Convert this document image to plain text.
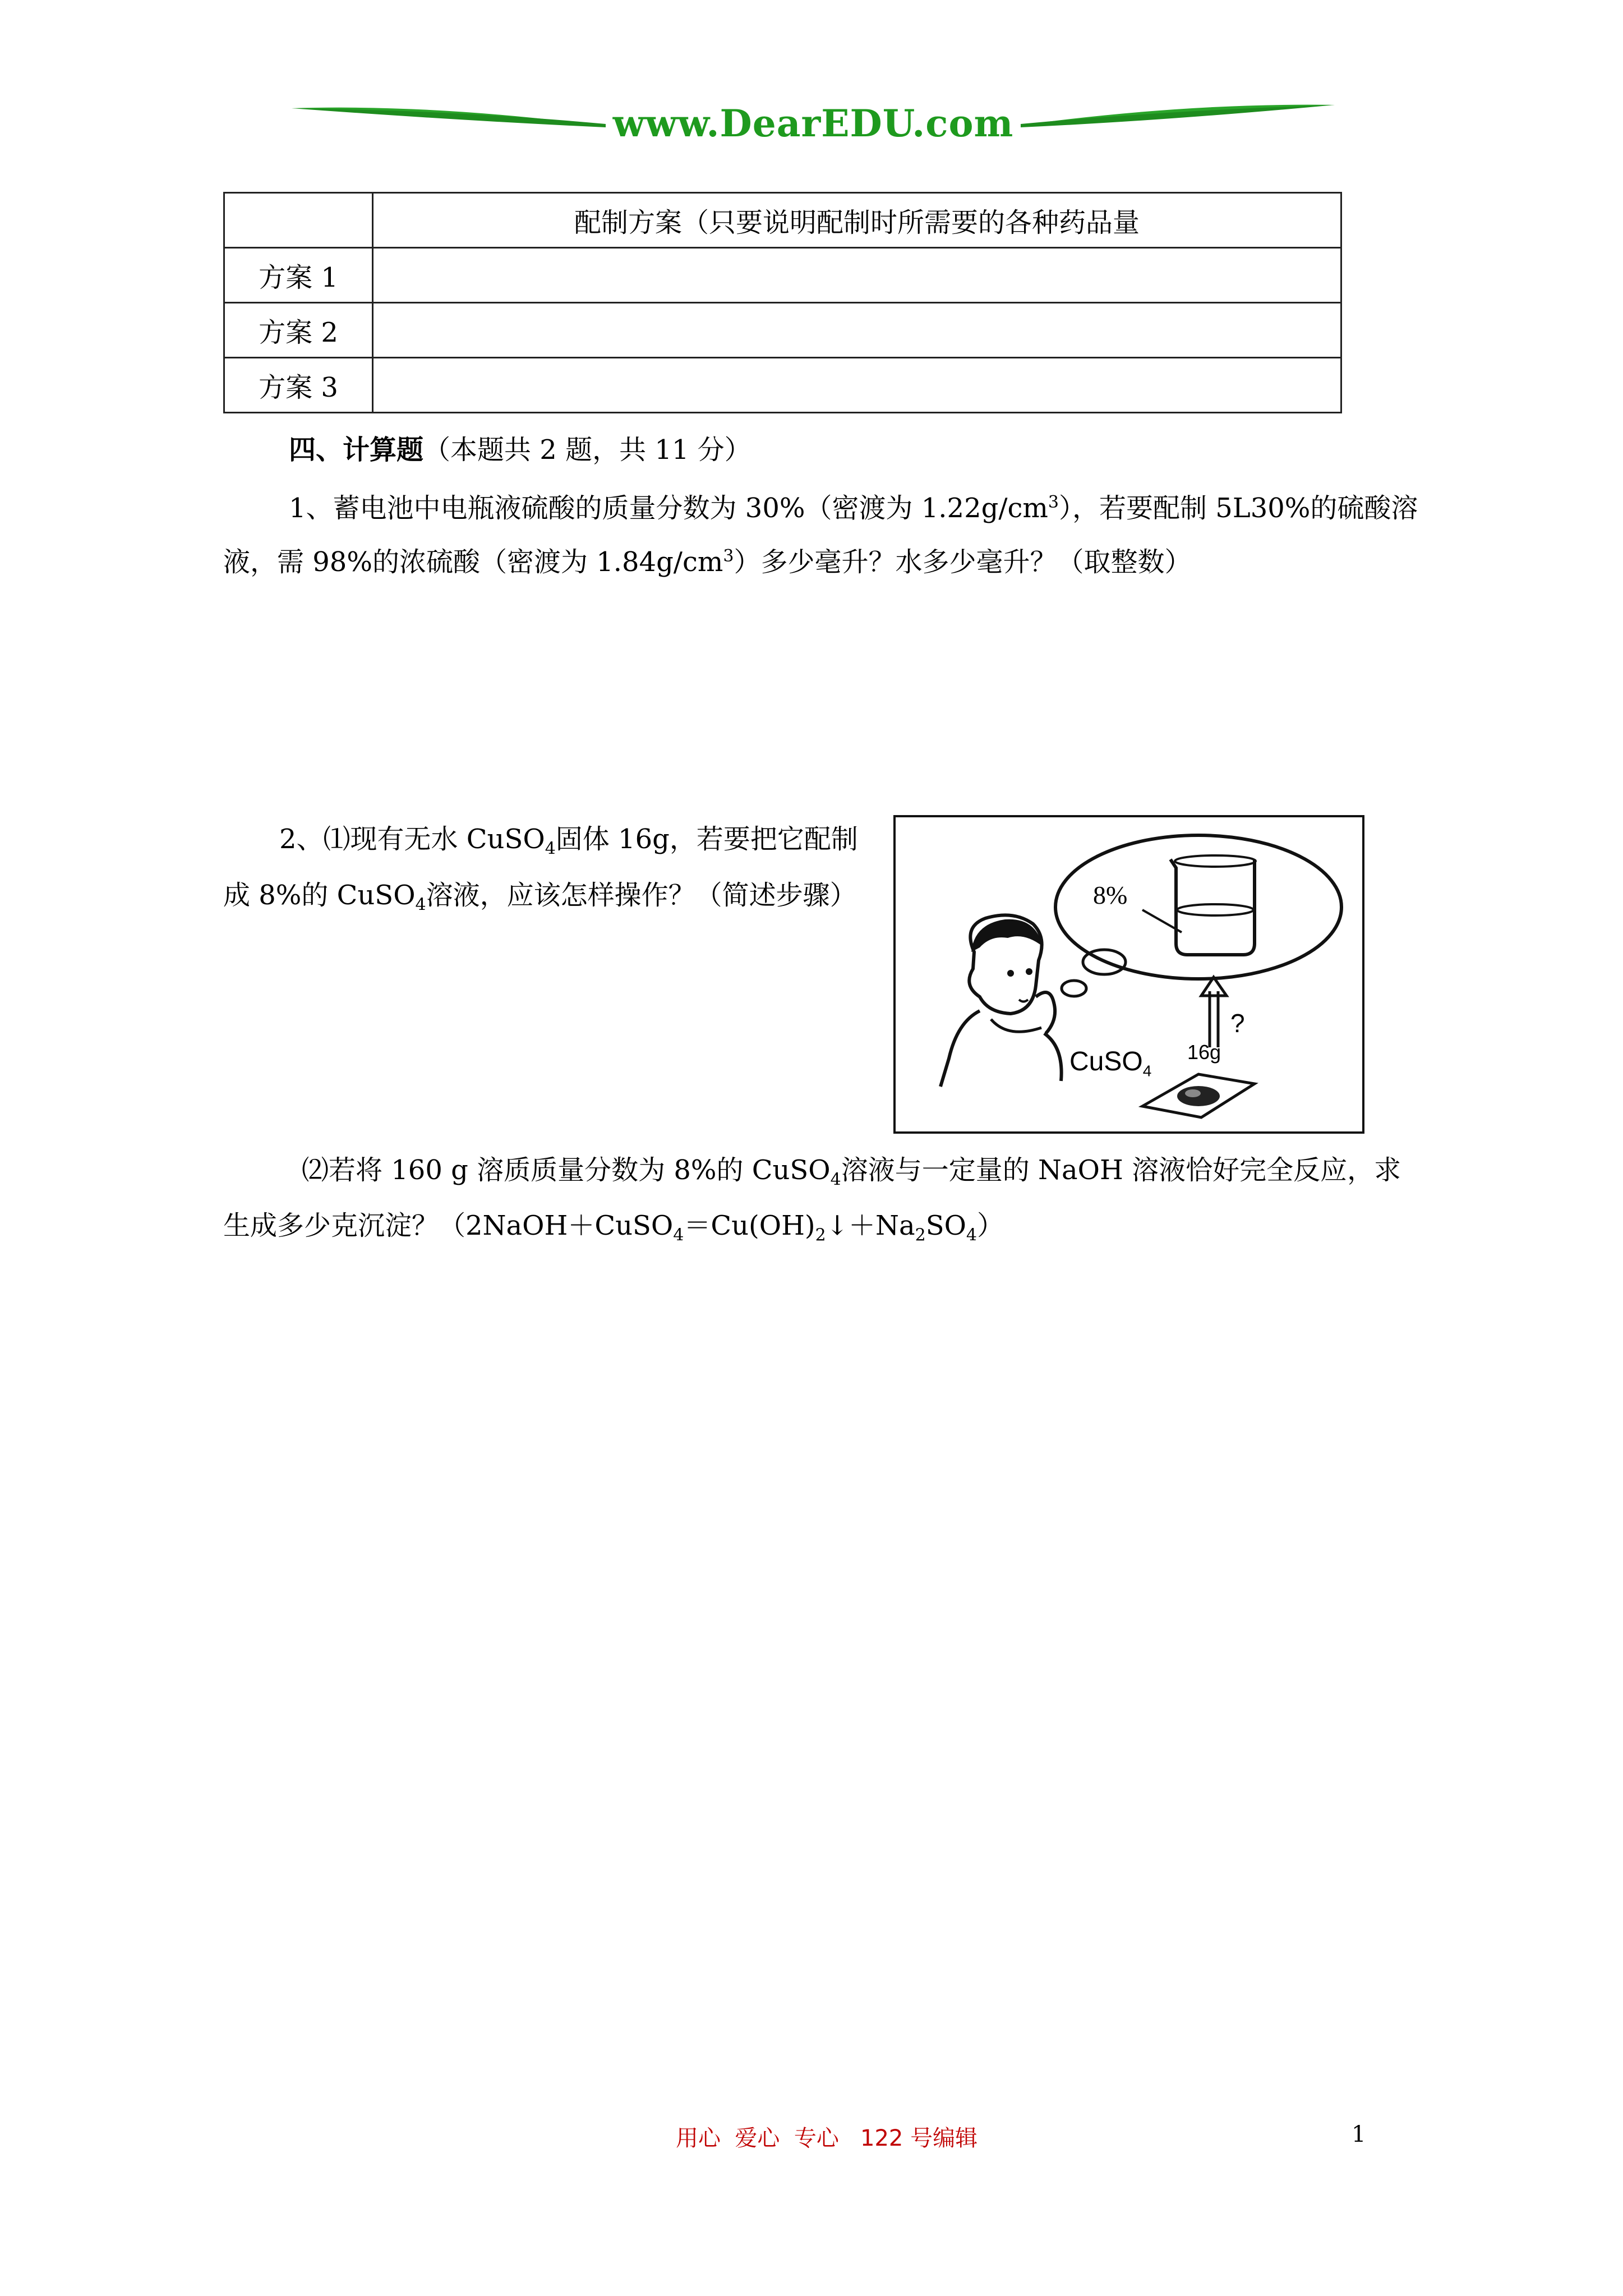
www.DearEDU.com
	配制方案（只要说明配制时所需要的各种药品量
方案 1	
方案 2	
方案 3	
四、计算题（本题共 2 题，共 11 分）
1、蓄电池中电瓶液硫酸的质量分数为 30%（密渡为 $1.22g/cm^3$），若要配制 5L30%的硫酸溶
液，需 98%的浓硫酸（密渡为 $1.84g/cm^3$）多少毫升？水多少毫升？（取整数）
2、⑴现有无水 CuSO$_4$固体 16g，若要把它配制
成 8%的 CuSO$_4$溶液，应该怎样操作？（简述步骤）	8%
?
CuSO$_4$
16g
⑵若将 160 g 溶质质量分数为 8%的 CuSO$_4$溶液与一定量的 NaOH 溶液恰好完全反应，求
生成多少克沉淀？$(2NaOH+CuSO_4=Cu(OH)_2↓+Na_2SO_4)$
用心  爱心  专心   122 号编辑	1
